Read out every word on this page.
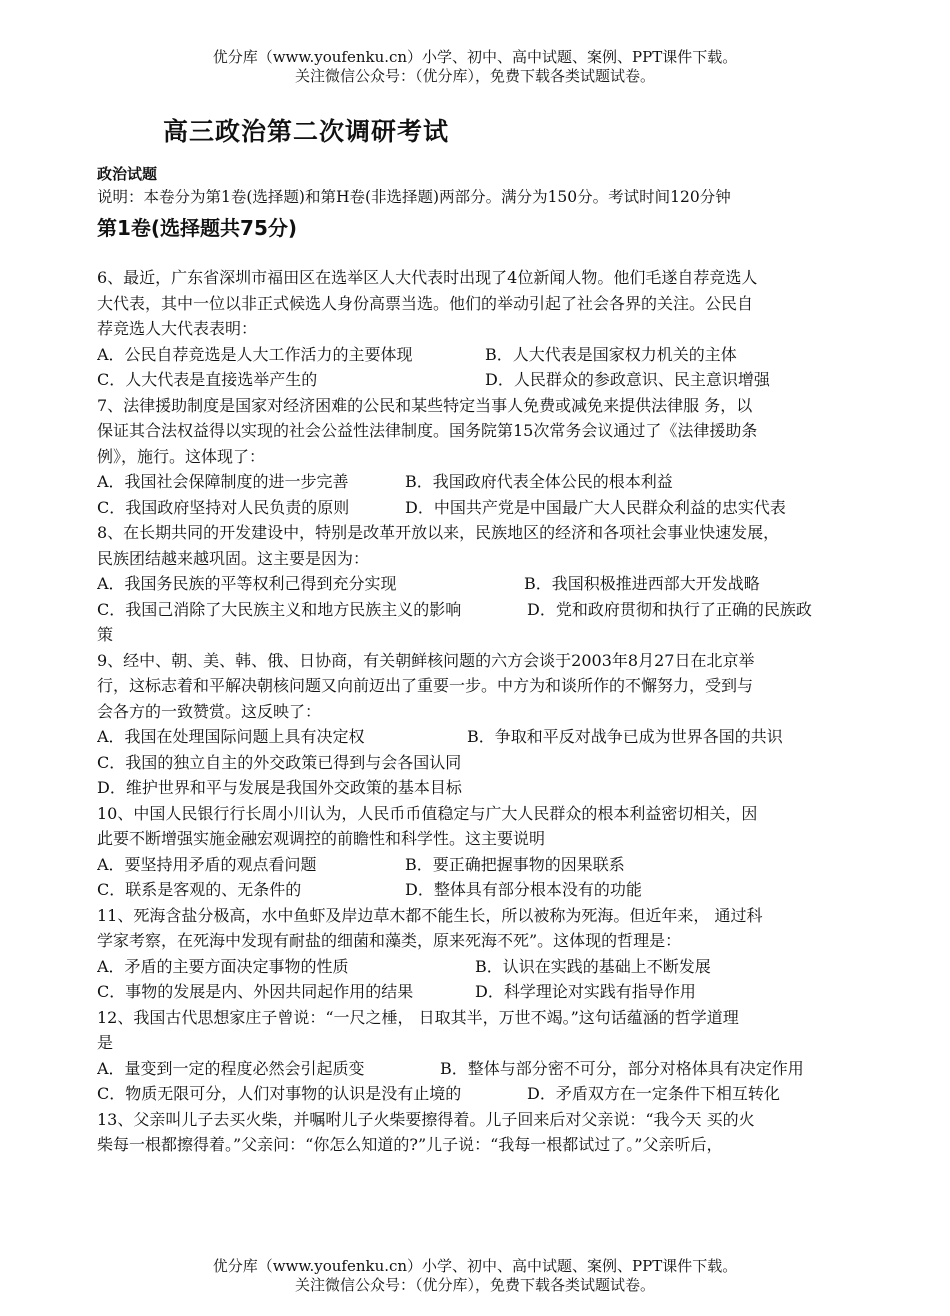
优分库（www.youfenku.cn）小学、初中、高中试题、案例、PPT课件下载。
关注微信公众号：（优分库），免费下载各类试题试卷。
高三政治第二次调研考试
政治试题
说明：本卷分为第1卷(选择题)和第H卷(非选择题)两部分。满分为150分。考试时间120分钟
第1卷(选择题共75分)
6、最近，广东省深圳市福田区在选举区人大代表时出现了4位新闻人物。他们毛遂自荐竞选人
大代表，其中一位以非正式候选人身份高票当选。他们的举动引起了社会各界的关注。公民自
荐竞选人大代表表明：
A．公民自荐竞选是人大工作活力的主要体现	B．人大代表是国家权力机关的主体
C．人大代表是直接选举产生的	D．人民群众的参政意识、民主意识增强
7、法律援助制度是国家对经济困难的公民和某些特定当事人免费或减免来提供法律服 务，以
保证其合法权益得以实现的社会公益性法律制度。国务院第15次常务会议通过了《法律援助条
例》，施行。这体现了：
A．我国社会保障制度的进一步完善	B．我国政府代表全体公民的根本利益
C．我国政府坚持对人民负责的原则	D．中国共产党是中国最广大人民群众利益的忠实代表
8、在长期共同的开发建设中，特别是改革开放以来，民族地区的经济和各项社会事业快速发展，
民族团结越来越巩固。这主要是因为：
A．我国务民族的平等权利己得到充分实现	B．我国积极推进西部大开发战略
C．我国己消除了大民族主义和地方民族主义的影响	D．党和政府贯彻和执行了正确的民族政
策
9、经中、朝、美、韩、俄、日协商，有关朝鲜核问题的六方会谈于2003年8月27日在北京举
行，这标志着和平解决朝核问题又向前迈出了重要一步。中方为和谈所作的不懈努力，受到与
会各方的一致赞赏。这反映了：
A．我国在处理国际问题上具有决定权	B．争取和平反对战争已成为世界各国的共识
C．我国的独立自主的外交政策已得到与会各国认同
D．维护世界和平与发展是我国外交政策的基本目标
10、中国人民银行行长周小川认为，人民币币值稳定与广大人民群众的根本利益密切相关，因
此要不断增强实施金融宏观调控的前瞻性和科学性。这主要说明
A．要坚持用矛盾的观点看问题	B．要正确把握事物的因果联系
C．联系是客观的、无条件的	D．整体具有部分根本没有的功能
11、死海含盐分极高，水中鱼虾及岸边草木都不能生长，所以被称为死海。但近年来， 通过科
学家考察，在死海中发现有耐盐的细菌和藻类，原来死海不死”。这体现的哲理是：
A．矛盾的主要方面决定事物的性质	B．认识在实践的基础上不断发展
C．事物的发展是内、外因共同起作用的结果	D．科学理论对实践有指导作用
12、我国古代思想家庄子曾说：“一尺之棰， 日取其半，万世不竭。”这句话蕴涵的哲学道理
是
A．量变到一定的程度必然会引起质变	B．整体与部分密不可分，部分对格体具有决定作用
C．物质无限可分，人们对事物的认识是没有止境的	D．矛盾双方在一定条件下相互转化
13、父亲叫儿子去买火柴，并嘱咐儿子火柴要擦得着。儿子回来后对父亲说：“我今天 买的火
柴每一根都擦得着。”父亲问：“你怎么知道的?”儿子说：“我每一根都试过了。”父亲听后，
优分库（www.youfenku.cn）小学、初中、高中试题、案例、PPT课件下载。
关注微信公众号：（优分库），免费下载各类试题试卷。
